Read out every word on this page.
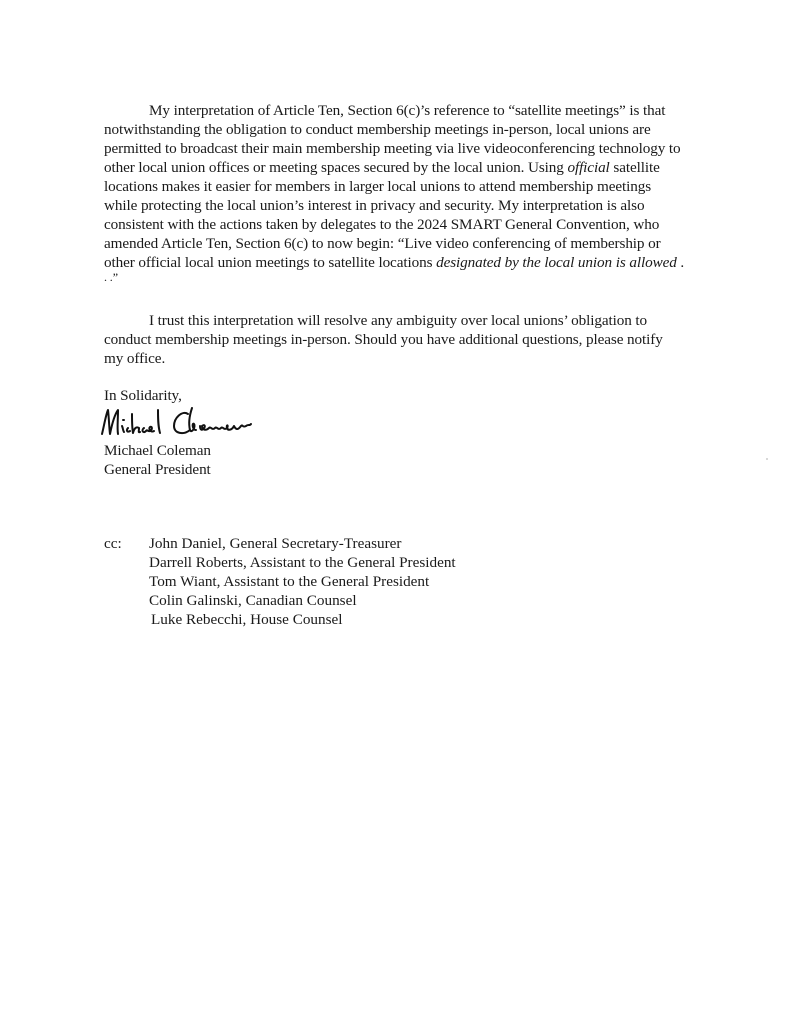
My interpretation of Article Ten, Section 6(c)’s reference to “satellite meetings” is that
notwithstanding the obligation to conduct membership meetings in-person, local unions are
permitted to broadcast their main membership meeting via live videoconferencing technology to
other local union offices or meeting spaces secured by the local union. Using official satellite
locations makes it easier for members in larger local unions to attend membership meetings
while protecting the local union’s interest in privacy and security. My interpretation is also
consistent with the actions taken by delegates to the 2024 SMART General Convention, who
amended Article Ten, Section 6(c) to now begin: “Live video conferencing of membership or
other official local union meetings to satellite locations designated by the local union is allowed .
. .”
I trust this interpretation will resolve any ambiguity over local unions’ obligation to
conduct membership meetings in-person. Should you have additional questions, please notify
my office.
In Solidarity,
Michael Coleman
General President
cc: John Daniel, General Secretary-Treasurer
Darrell Roberts, Assistant to the General President
Tom Wiant, Assistant to the General President
Colin Galinski, Canadian Counsel
Luke Rebecchi, House Counsel
